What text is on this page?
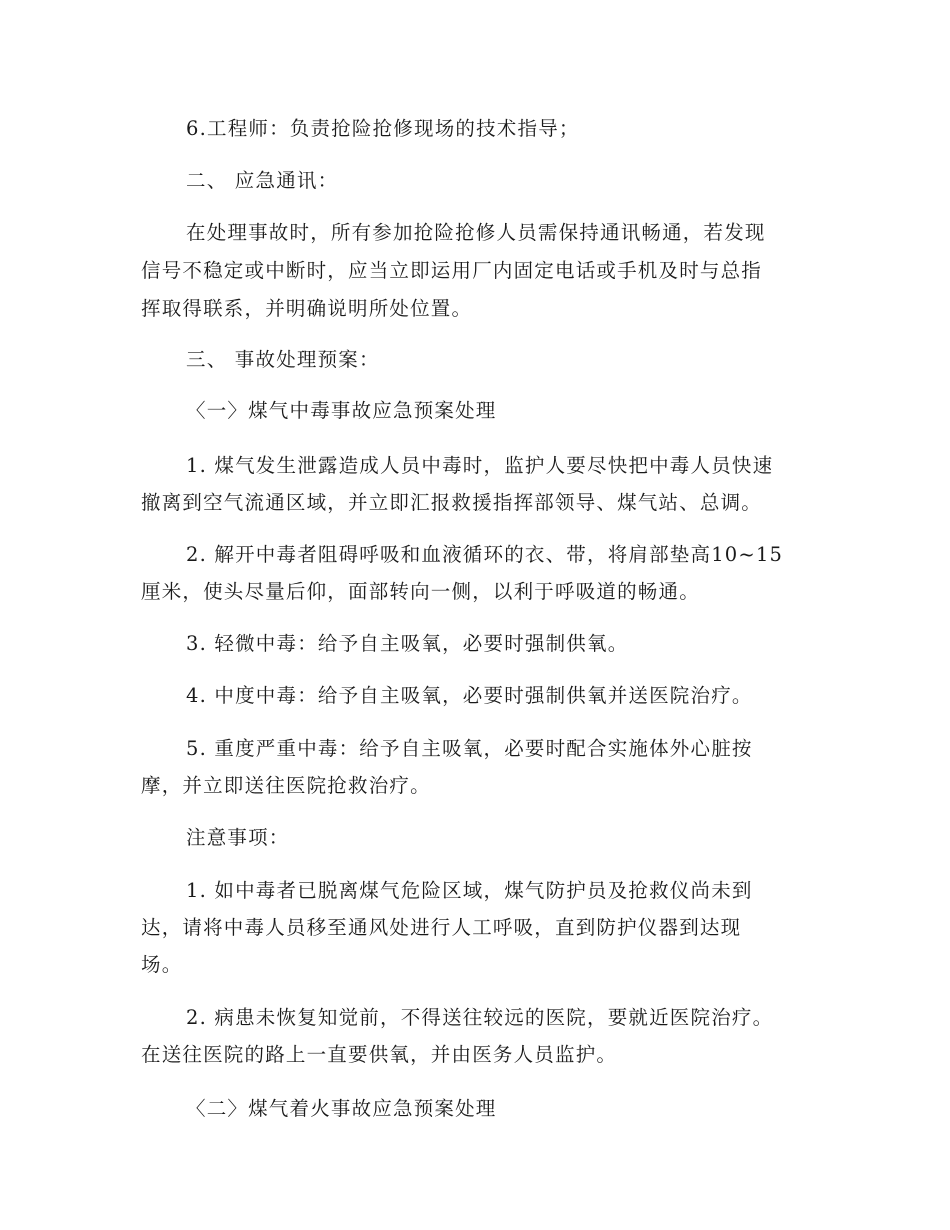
6.工程师：负责抢险抢修现场的技术指导；
二、 应急通讯：
在处理事故时，所有参加抢险抢修人员需保持通讯畅通，若发现
信号不稳定或中断时，应当立即运用厂内固定电话或手机及时与总指
挥取得联系，并明确说明所处位置。
三、 事故处理预案：
〈一〉煤气中毒事故应急预案处理
1. 煤气发生泄露造成人员中毒时，监护人要尽快把中毒人员快速
撤离到空气流通区域，并立即汇报救援指挥部领导、煤气站、总调。
2. 解开中毒者阻碍呼吸和血液循环的衣、带，将肩部垫高10~15
厘米，使头尽量后仰，面部转向一侧，以利于呼吸道的畅通。
3. 轻微中毒：给予自主吸氧，必要时强制供氧。
4. 中度中毒：给予自主吸氧，必要时强制供氧并送医院治疗。
5. 重度严重中毒：给予自主吸氧，必要时配合实施体外心脏按
摩，并立即送往医院抢救治疗。
注意事项：
1. 如中毒者已脱离煤气危险区域，煤气防护员及抢救仪尚未到
达，请将中毒人员移至通风处进行人工呼吸，直到防护仪器到达现
场。
2. 病患未恢复知觉前，不得送往较远的医院，要就近医院治疗。
在送往医院的路上一直要供氧，并由医务人员监护。
〈二〉煤气着火事故应急预案处理
